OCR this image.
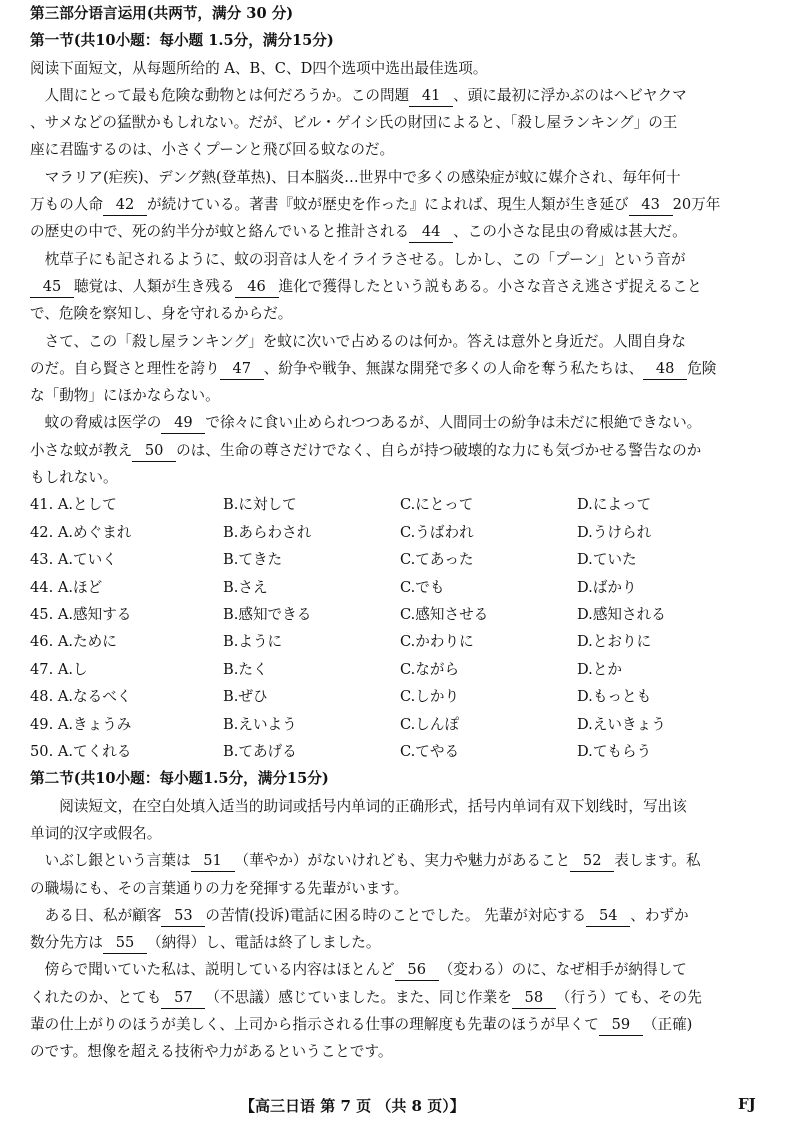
第三部分语言运用(共两节，满分 30 分)
第一节(共10小题：每小题 1.5分，满分15分)
阅读下面短文，从每题所给的 A、B、C、D四个选项中选出最佳选项。
　人間にとって最も危険な動物とは何だろうか。この問題 41 、頭に最初に浮かぶのはヘビヤクマ
、サメなどの猛獣かもしれない。だが、ビル・ゲイシ氏の財団によると、「殺し屋ランキング」の王
座に君臨するのは、小さくプーンと飛び回る蚊なのだ。
　マラリア(疟疾)、デング熱(登革热)、日本脳炎…世界中で多くの感染症が蚊に媒介され、毎年何十
万もの人命 42 が続けている。著書『蚊が歴史を作った』によれば、現生人類が生き延び 43 20万年
の歴史の中で、死の約半分が蚊と絡んでいると推計される 44 、この小さな昆虫の脅威は甚大だ。
　枕草子にも記されるように、蚊の羽音は人をイライラさせる。しかし、この「プーン」という音が
45 聴覚は、人類が生き残る 46 進化で獲得したという説もある。小さな音さえ逃さず捉えること
で、危険を察知し、身を守れるからだ。
　さて、この「殺し屋ランキング」を蚊に次いで占めるのは何か。答えは意外と身近だ。人間自身な
のだ。自ら賢さと理性を誇り 47 、紛争や戦争、無謀な開発で多くの人命を奪う私たちは、 48 危険
な「動物」にほかならない。
　蚊の脅威は医学の 49 で徐々に食い止められつつあるが、人間同士の紛争は未だに根絶できない。
小さな蚊が教え 50 のは、生命の尊さだけでなく、自らが持つ破壊的な力にも気づかせる警告なのか
もしれない。
41. A.として	B.に対して	C.にとって	D.によって
42. A.めぐまれ	B.あらわされ	C.うばわれ	D.うけられ
43. A.ていく	B.てきた	C.てあった	D.ていた
44. A.ほど	B.さえ	C.でも	D.ばかり
45. A.感知する	B.感知できる	C.感知させる	D.感知される
46. A.ために	B.ように	C.かわりに	D.とおりに
47. A.し	B.たく	C.ながら	D.とか
48. A.なるべく	B.ぜひ	C.しかり	D.もっとも
49. A.きょうみ	B.えいよう	C.しんぽ	D.えいきょう
50. A.てくれる	B.てあげる	C.てやる	D.てもらう
第二节(共10小题：每小题1.5分，满分15分)
　　阅读短文，在空白处填入适当的助词或括号内单词的正确形式，括号内单词有双下划线时，写出该
单词的汉字或假名。
　いぶし銀という言葉は 51 （華やか）がないけれども、実力や魅力があること 52 表します。私
の職場にも、その言葉通りの力を発揮する先輩がいます。
　ある日、私が顧客 53 の苦情(投诉)電話に困る時のことでした。 先輩が対応する 54 、わずか
数分先方は 55 （納得）し、電話は終了しました。
　傍らで聞いていた私は、説明している内容はほとんど 56 （変わる）のに、なぜ相手が納得して
くれたのか、とても 57 （不思議）感じていました。また、同じ作業を 58 （行う）ても、その先
輩の仕上がりのほうが美しく、上司から指示される仕事の理解度も先輩のほうが早くて 59 （正確)
のです。想像を超える技術や力があるということです。
【高三日语 第 7 页 （共 8 页）】	FJ
